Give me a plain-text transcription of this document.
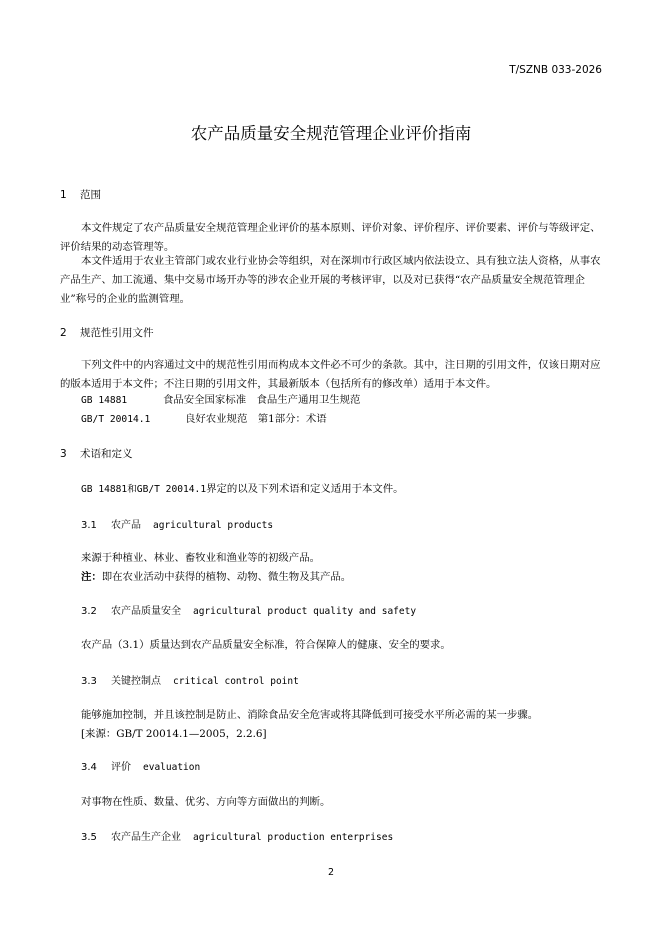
T/SZNB 033-2026
农产品质量安全规范管理企业评价指南
1 范围
本文件规定了农产品质量安全规范管理企业评价的基本原则、评价对象、评价程序、评价要素、评价与等级评定、评价结果的动态管理等。
本文件适用于农业主管部门或农业行业协会等组织，对在深圳市行政区域内依法设立、具有独立法人资格，从事农产品生产、加工流通、集中交易市场开办等的涉农企业开展的考核评审，以及对已获得“农产品质量安全规范管理企业”称号的企业的监测管理。
2 规范性引用文件
下列文件中的内容通过文中的规范性引用而构成本文件必不可少的条款。其中，注日期的引用文件，仅该日期对应的版本适用于本文件；不注日期的引用文件，其最新版本（包括所有的修改单）适用于本文件。
GB 14881	食品安全国家标准　食品生产通用卫生规范
GB/T 20014.1	良好农业规范　第1部分：术语
3 术语和定义
GB 14881和GB/T 20014.1界定的以及下列术语和定义适用于本文件。
3.1 农产品 agricultural products
来源于种植业、林业、畜牧业和渔业等的初级产品。
注：即在农业活动中获得的植物、动物、微生物及其产品。
3.2 农产品质量安全 agricultural product quality and safety
农产品（3.1）质量达到农产品质量安全标准，符合保障人的健康、安全的要求。
3.3 关键控制点 critical control point
能够施加控制，并且该控制是防止、消除食品安全危害或将其降低到可接受水平所必需的某一步骤。
[来源：GB/T 20014.1—2005，2.2.6]
3.4 评价 evaluation
对事物在性质、数量、优劣、方向等方面做出的判断。
3.5 农产品生产企业 agricultural production enterprises
2
